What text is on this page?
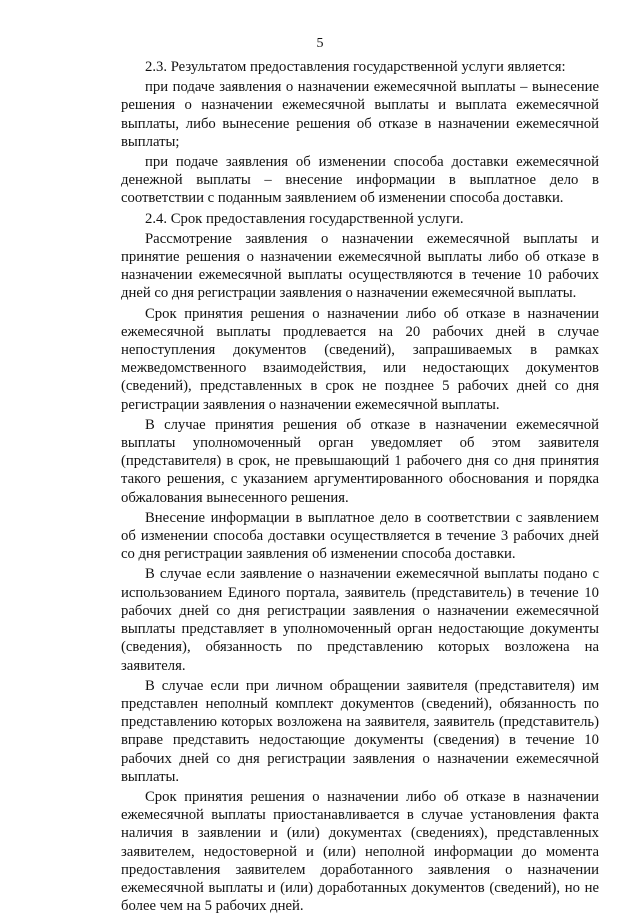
5

2.3. Результатом предоставления государственной услуги является:

при подаче заявления о назначении ежемесячной выплаты – вынесение решения о назначении ежемесячной выплаты и выплата ежемесячной выплаты, либо вынесение решения об отказе в назначении ежемесячной выплаты;

при подаче заявления об изменении способа доставки ежемесячной денежной выплаты – внесение информации в выплатное дело в соответствии с поданным заявлением об изменении способа доставки.

2.4. Срок предоставления государственной услуги.

Рассмотрение заявления о назначении ежемесячной выплаты и принятие решения о назначении ежемесячной выплаты либо об отказе в назначении ежемесячной выплаты осуществляются в течение 10 рабочих дней со дня регистрации заявления о назначении ежемесячной выплаты.

Срок принятия решения о назначении либо об отказе в назначении ежемесячной выплаты продлевается на 20 рабочих дней в случае непоступления документов (сведений), запрашиваемых в рамках межведомственного взаимодействия, или недостающих документов (сведений), представленных в срок не позднее 5 рабочих дней со дня регистрации заявления о назначении ежемесячной выплаты.

В случае принятия решения об отказе в назначении ежемесячной выплаты уполномоченный орган уведомляет об этом заявителя (представителя) в срок, не превышающий 1 рабочего дня со дня принятия такого решения, с указанием аргументированного обоснования и порядка обжалования вынесенного решения.

Внесение информации в выплатное дело в соответствии с заявлением об изменении способа доставки осуществляется в течение 3 рабочих дней со дня регистрации заявления об изменении способа доставки.

В случае если заявление о назначении ежемесячной выплаты подано с использованием Единого портала, заявитель (представитель) в течение 10 рабочих дней со дня регистрации заявления о назначении ежемесячной выплаты представляет в уполномоченный орган недостающие документы (сведения), обязанность по представлению которых возложена на заявителя.

В случае если при личном обращении заявителя (представителя) им представлен неполный комплект документов (сведений), обязанность по представлению которых возложена на заявителя, заявитель (представитель) вправе представить недостающие документы (сведения) в течение 10 рабочих дней со дня регистрации заявления о назначении ежемесячной выплаты.

Срок принятия решения о назначении либо об отказе в назначении ежемесячной выплаты приостанавливается в случае установления факта наличия в заявлении и (или) документах (сведениях), представленных заявителем, недостоверной и (или) неполной информации до момента предоставления заявителем доработанного заявления о назначении ежемесячной выплаты и (или) доработанных документов (сведений), но не более чем на 5 рабочих дней.
